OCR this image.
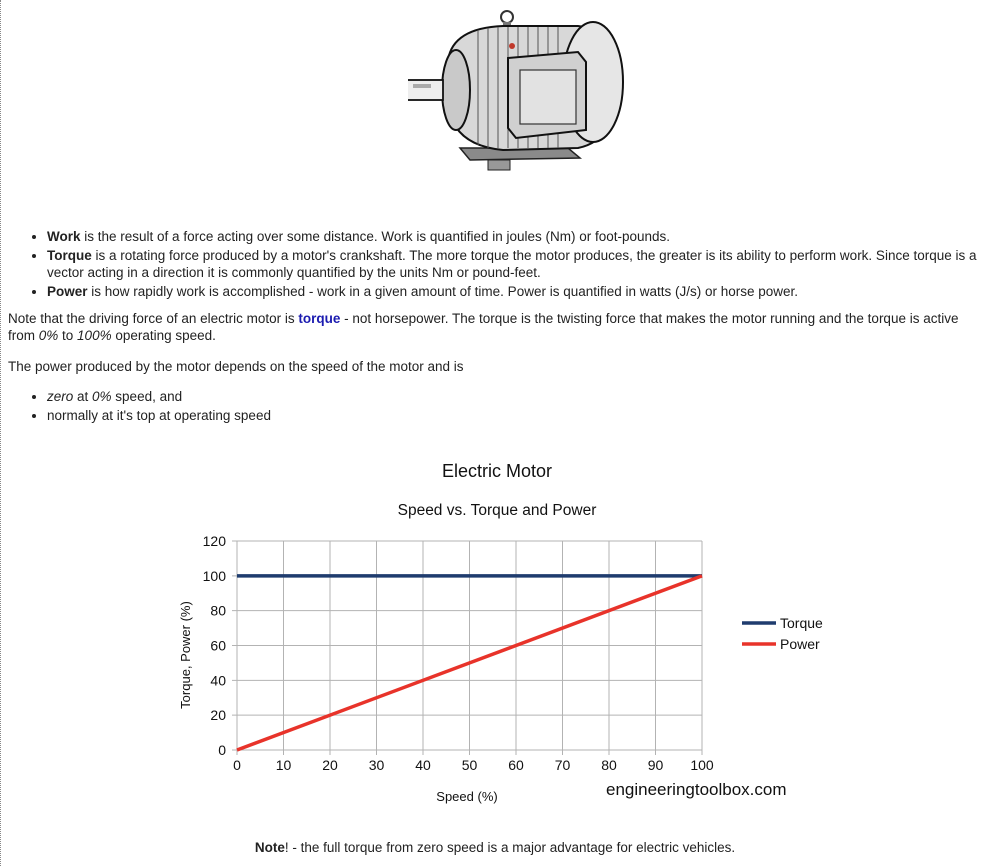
• Work is the result of a force acting over some distance. Work is quantified in joules (Nm) or foot-pounds.
• Torque is a rotating force produced by a motor's crankshaft. The more torque the motor produces, the greater is its ability to perform work. Since torque is a vector acting in a direction it is commonly quantified by the units Nm or pound-feet.
• Power is how rapidly work is accomplished - work in a given amount of time. Power is quantified in watts (J/s) or horse power.

Note that the driving force of an electric motor is torque - not horsepower. The torque is the twisting force that makes the motor running and the torque is active from 0% to 100% operating speed.

The power produced by the motor depends on the speed of the motor and is

• zero at 0% speed, and
• normally at it's top at operating speed
Electric Motor
Speed vs. Torque and Power
0 10 20 30 40 50 60 70 80 90 100
0
20
40
60
80
100
120
Speed (%)
Torque, Power (%)	Torque
Power
engineeringtoolbox.com
Note! - the full torque from zero speed is a major advantage for electric vehicles.
